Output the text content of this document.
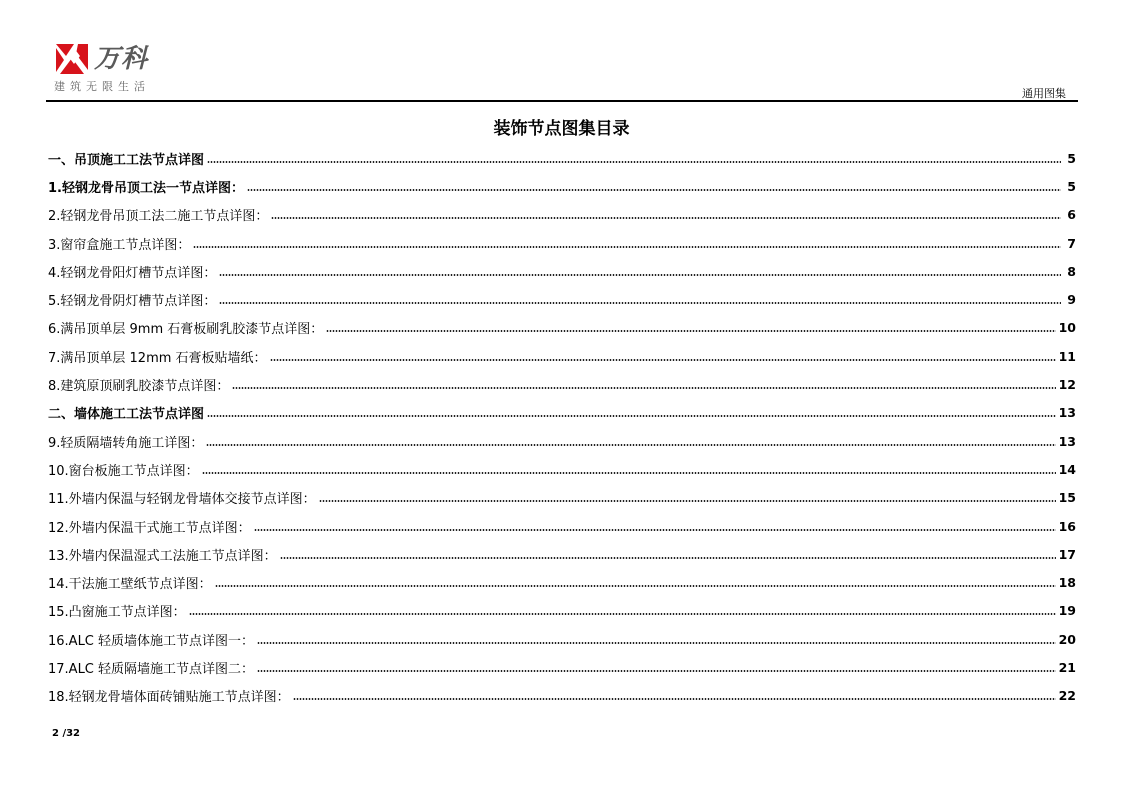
万科
建筑无限生活
通用图集
装饰节点图集目录
一、吊顶施工工法节点详图	5
1.轻钢龙骨吊顶工法一节点详图：	5
2.轻钢龙骨吊顶工法二施工节点详图：	6
3.窗帘盒施工节点详图：	7
4.轻钢龙骨阳灯槽节点详图：	8
5.轻钢龙骨阴灯槽节点详图：	9
6.满吊顶单层 9mm 石膏板刷乳胶漆节点详图：	10
7.满吊顶单层 12mm 石膏板贴墙纸：	11
8.建筑原顶刷乳胶漆节点详图：	12
二、墙体施工工法节点详图	13
9.轻质隔墙转角施工详图：	13
10.窗台板施工节点详图：	14
11.外墙内保温与轻钢龙骨墙体交接节点详图：	15
12.外墙内保温干式施工节点详图：	16
13.外墙内保温湿式工法施工节点详图：	17
14.干法施工壁纸节点详图：	18
15.凸窗施工节点详图：	19
16.ALC 轻质墙体施工节点详图一：	20
17.ALC 轻质隔墙施工节点详图二：	21
18.轻钢龙骨墙体面砖铺贴施工节点详图：	22
2 /32
